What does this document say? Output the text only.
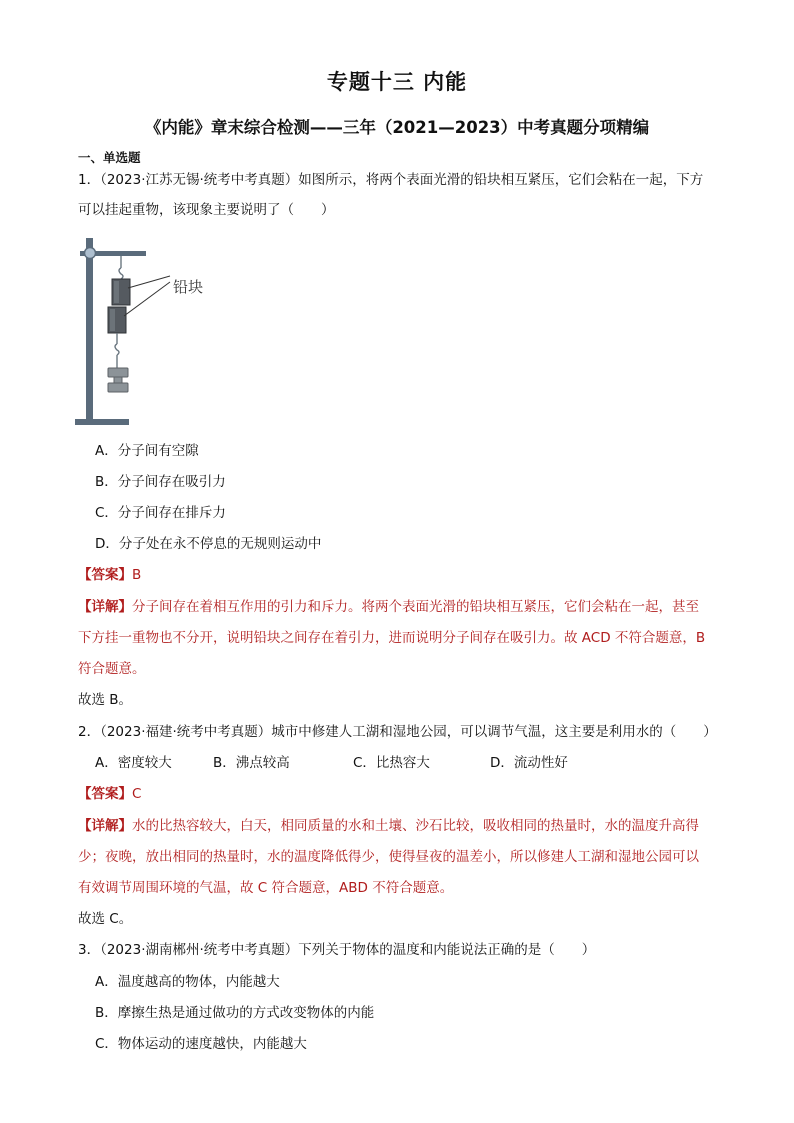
专题十三 内能
《内能》章末综合检测——三年（2021—2023）中考真题分项精编
一、单选题
1．（2023·江苏无锡·统考中考真题）如图所示，将两个表面光滑的铅块相互紧压，它们会粘在一起，下方
可以挂起重物，该现象主要说明了（　　）
铅块
A．分子间有空隙
B．分子间存在吸引力
C．分子间存在排斥力
D．分子处在永不停息的无规则运动中
【答案】B
【详解】分子间存在着相互作用的引力和斥力。将两个表面光滑的铅块相互紧压，它们会粘在一起，甚至
下方挂一重物也不分开，说明铅块之间存在着引力，进而说明分子间存在吸引力。故 ACD 不符合题意，B
符合题意。
故选 B。
2．（2023·福建·统考中考真题）城市中修建人工湖和湿地公园，可以调节气温，这主要是利用水的（　　）
A．密度较大	B．沸点较高	C．比热容大	D．流动性好
【答案】C
【详解】水的比热容较大，白天，相同质量的水和土壤、沙石比较，吸收相同的热量时，水的温度升高得
少；夜晚，放出相同的热量时，水的温度降低得少，使得昼夜的温差小，所以修建人工湖和湿地公园可以
有效调节周围环境的气温，故 C 符合题意，ABD 不符合题意。
故选 C。
3．（2023·湖南郴州·统考中考真题）下列关于物体的温度和内能说法正确的是（　　）
A．温度越高的物体，内能越大
B．摩擦生热是通过做功的方式改变物体的内能
C．物体运动的速度越快，内能越大
